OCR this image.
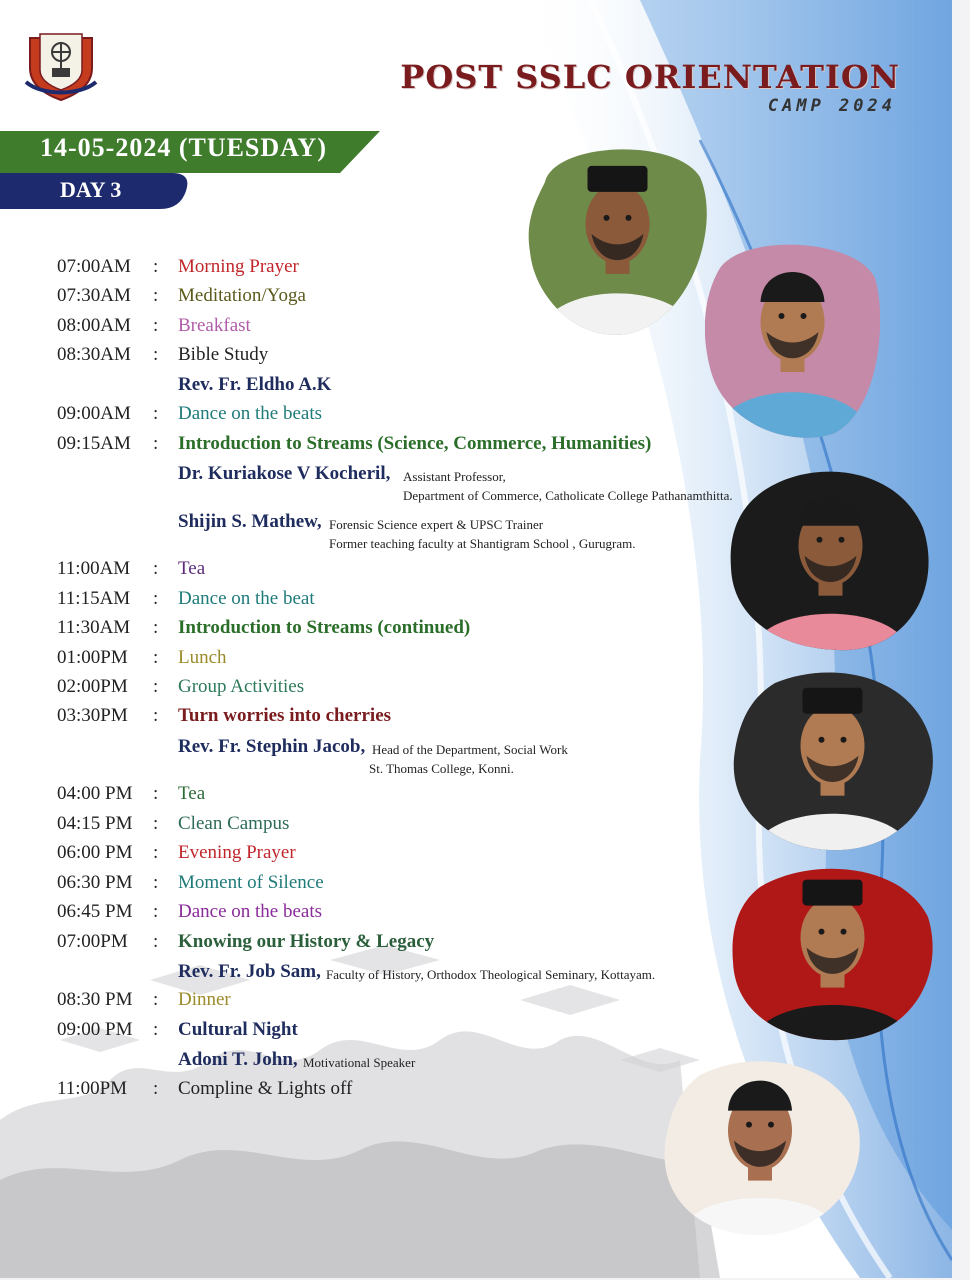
POST SSLC ORIENTATION
CAMP 2024
14-05-2024 (TUESDAY)
DAY 3
07:00AM : Morning Prayer
07:30AM : Meditation/Yoga
08:00AM : Breakfast
08:30AM : Bible Study
09:00AM : Dance on the beats
09:15AM : Introduction to Streams (Science, Commerce, Humanities)
11:00AM : Tea
11:15AM : Dance on the beat
11:30AM : Introduction to Streams (continued)
01:00PM : Lunch
02:00PM : Group Activities
03:30PM : Turn worries into cherries
04:00 PM : Tea
04:15 PM : Clean Campus
06:00 PM : Evening Prayer
06:30 PM : Moment of Silence
06:45 PM : Dance on the beats
07:00PM : Knowing our History & Legacy
08:30 PM : Dinner
09:00 PM : Cultural Night
11:00PM : Compline & Lights off
Rev. Fr. Eldho A.K
Dr. Kuriakose V Kocheril, Assistant Professor,
Department of Commerce, Catholicate College Pathanamthitta.
Shijin S. Mathew, Forensic Science expert & UPSC Trainer
Former teaching faculty at Shantigram School , Gurugram.
Rev. Fr. Stephin Jacob, Head of the Department, Social Work
St. Thomas College, Konni.
Rev. Fr. Job Sam, Faculty of History, Orthodox Theological Seminary, Kottayam.
Adoni T. John, Motivational Speaker
